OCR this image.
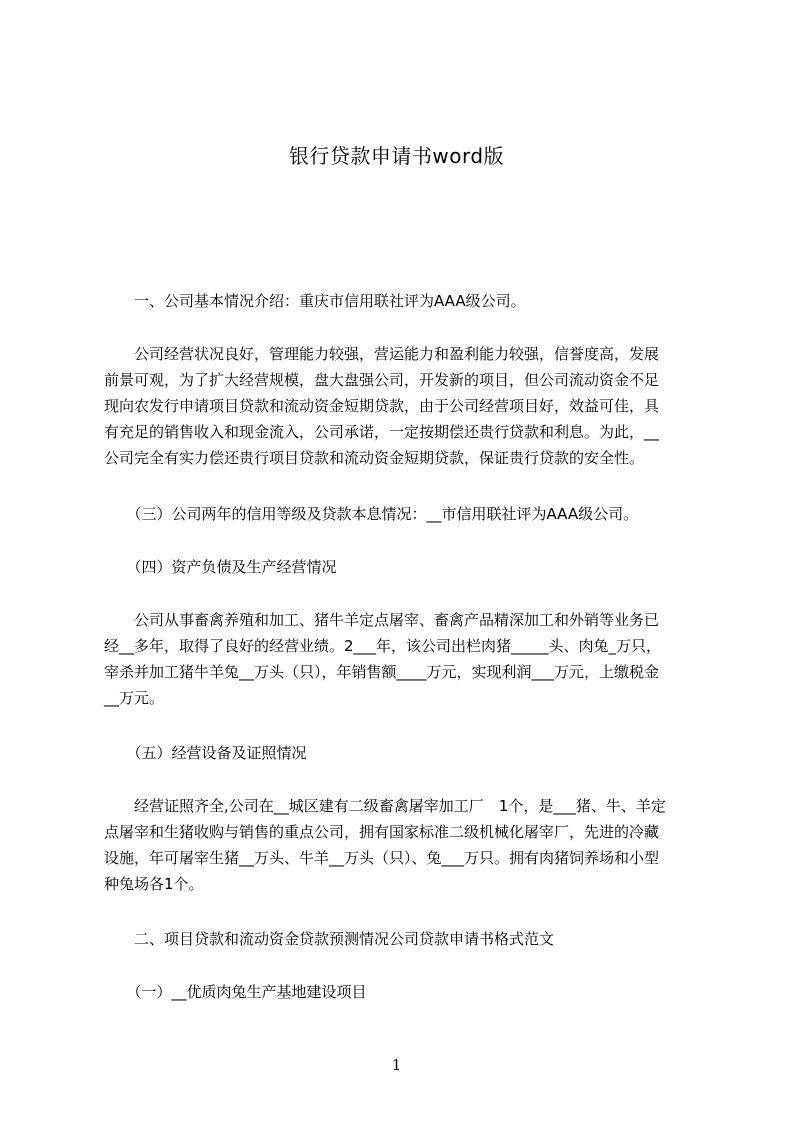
银行贷款申请书word版

　　一、公司基本情况介绍：重庆市信用联社评为AAA级公司。

　　公司经营状况良好，管理能力较强，营运能力和盈利能力较强，信誉度高，发展
前景可观，为了扩大经营规模，盘大盘强公司，开发新的项目，但公司流动资金不足
现向农发行申请项目贷款和流动资金短期贷款，由于公司经营项目好，效益可佳，具
有充足的销售收入和现金流入，公司承诺，一定按期偿还贵行贷款和利息。为此，__
公司完全有实力偿还贵行项目贷款和流动资金短期贷款，保证贵行贷款的安全性。

　　（三）公司两年的信用等级及贷款本息情况：__市信用联社评为AAA级公司。

　　（四）资产负债及生产经营情况

　　公司从事畜禽养殖和加工、猪牛羊定点屠宰、畜禽产品精深加工和外销等业务已
经__多年，取得了良好的经营业绩。2___年，该公司出栏肉猪_____头、肉兔_万只，
宰杀并加工猪牛羊兔__万头（只），年销售额____万元，实现利润___万元，上缴税金
__万元。

　　（五）经营设备及证照情况

　　经营证照齐全,公司在__城区建有二级畜禽屠宰加工厂　1个，是___猪、牛、羊定
点屠宰和生猪收购与销售的重点公司，拥有国家标准二级机械化屠宰厂，先进的冷藏
设施，年可屠宰生猪__万头、牛羊__万头（只）、兔___万只。拥有肉猪饲养场和小型
种兔场各1个。

　　二、项目贷款和流动资金贷款预测情况公司贷款申请书格式范文

　　（一）__优质肉兔生产基地建设项目

1
